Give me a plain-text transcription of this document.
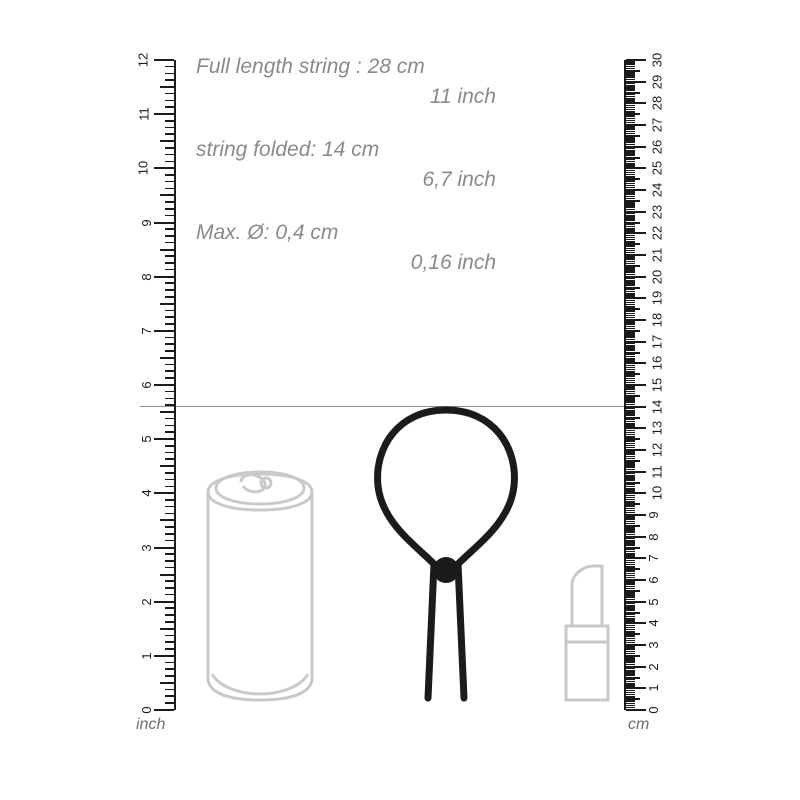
Full length string : 28 cm
11 inch
string folded: 14 cm
6,7 inch
Max. Ø: 0,4 cm
0,16 inch
0
1
2
3
4
5
6
7
8
9
10
11
12
inch
0
1
2
3
4
5
6
7
8
9
10
11
12
13
14
15
16
17
18
19
20
21
22
23
24
25
26
27
28
29
30
cm
